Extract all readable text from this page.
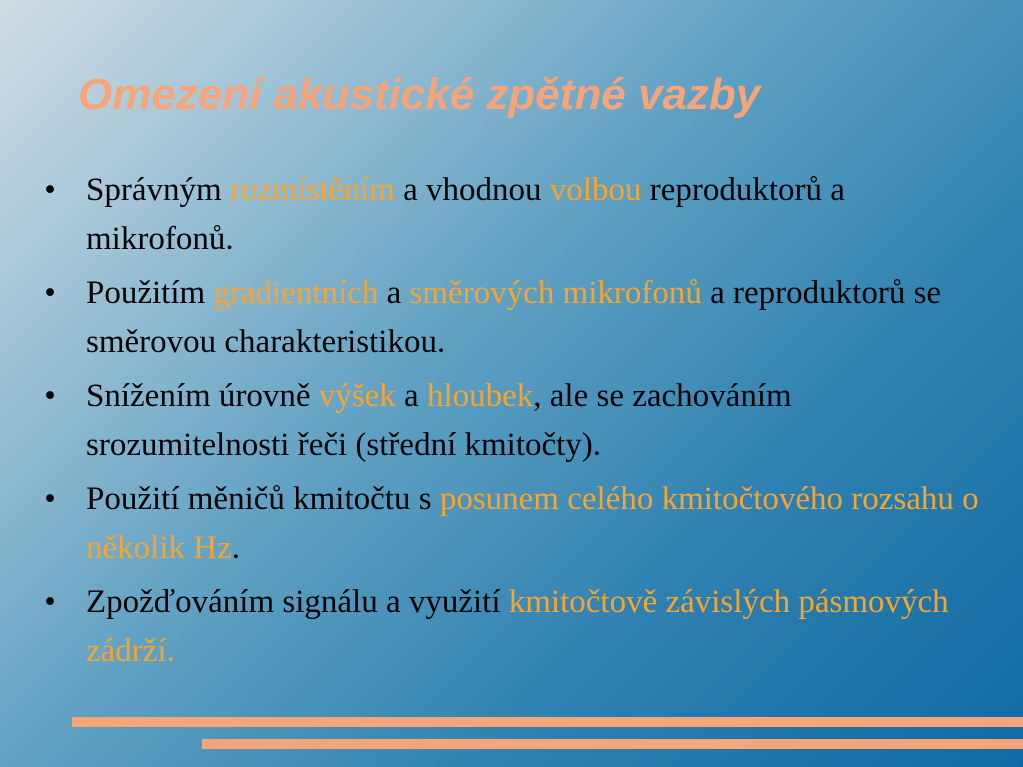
Omezení akustické zpětné vazby
• Správným rozmístěním a vhodnou volbou reproduktorů a mikrofonů.
• Použitím gradientních a směrových mikrofonů a reproduktorů se směrovou charakteristikou.
• Snížením úrovně výšek a hloubek, ale se zachováním srozumitelnosti řeči (střední kmitočty).
• Použití měničů kmitočtu s posunem celého kmitočtového rozsahu o několik Hz.
• Zpožďováním signálu a využití kmitočtově závislých pásmových zádrží.
